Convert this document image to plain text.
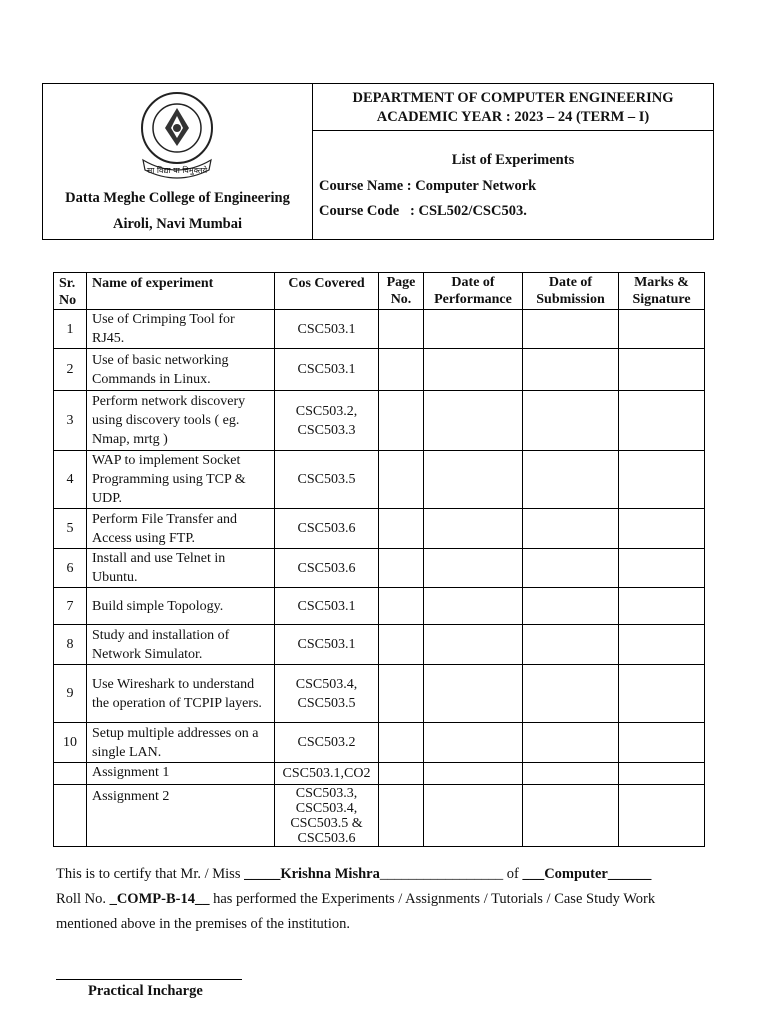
सा विद्या या विमुक्तये
Datta Meghe College of Engineering
Airoli, Navi Mumbai
DEPARTMENT OF COMPUTER ENGINEERING
ACADEMIC YEAR : 2023 – 24 (TERM – I)
List of Experiments
Course Name : Computer Network
Course Code   : CSL502/CSC503.
Sr. No	Name of experiment	Cos Covered	Page No.	Date of Performance	Date of Submission	Marks & Signature
1	Use of Crimping Tool for RJ45.	CSC503.1				
2	Use of basic networking Commands in Linux.	CSC503.1				
3	Perform network discovery using discovery tools ( eg. Nmap, mrtg )	CSC503.2, CSC503.3				
4	WAP to implement Socket Programming using TCP & UDP.	CSC503.5				
5	Perform File Transfer and Access using FTP.	CSC503.6				
6	Install and use Telnet in Ubuntu.	CSC503.6				
7	Build simple Topology.	CSC503.1				
8	Study and installation of Network Simulator.	CSC503.1				
9	Use Wireshark to understand the operation of TCPIP layers.	CSC503.4, CSC503.5				
10	Setup multiple addresses on a single LAN.	CSC503.2				
	Assignment 1	CSC503.1,CO2				
	Assignment 2	CSC503.3, CSC503.4, CSC503.5 & CSC503.6				
This is to certify that Mr. / Miss _____Krishna Mishra_________________ of ___Computer______
Roll No. _COMP-B-14__ has performed the Experiments / Assignments / Tutorials / Case Study Work mentioned above in the premises of the institution.
Practical Incharge
